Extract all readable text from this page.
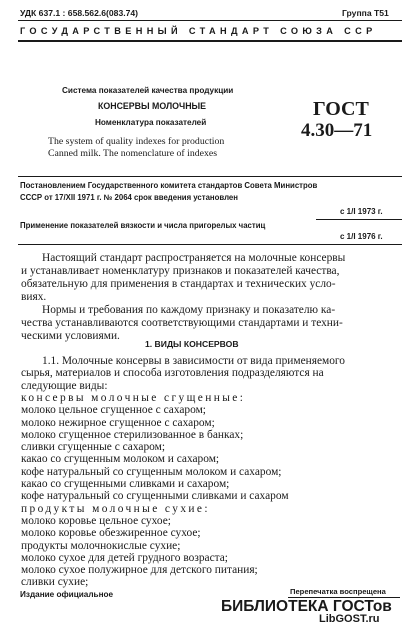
УДК 637.1 : 658.562.6(083.74)	Группа Т51
ГОСУДАРСТВЕННЫЙ СТАНДАРТ СОЮЗА ССР
Система показателей качества продукции
КОНСЕРВЫ МОЛОЧНЫЕ
Номенклатура показателей
The system of quality indexes for production
Canned milk. The nomenclature of indexes
ГОСТ
4.30—71
Постановлением Государственного комитета стандартов Совета Министров
СССР от 17/XII 1971 г. № 2064 срок введения установлен
с 1/I 1973 г.
Применение показателей вязкости и числа пригорелых частиц
с 1/I 1976 г.
Настоящий стандарт распространяется на молочные консервы
и устанавливает номенклатуру признаков и показателей качества,
обязательную для применения в стандартах и технических усло-
виях.
Нормы и требования по каждому признаку и показателю ка-
чества устанавливаются соответствующими стандартами и техни-
ческими условиями.
1. ВИДЫ КОНСЕРВОВ
1.1. Молочные консервы в зависимости от вида применяемого
сырья, материалов и способа изготовления подразделяются на
следующие виды:
консервы молочные сгущенные:
молоко цельное сгущенное с сахаром;
молоко нежирное сгущенное с сахаром;
молоко сгущенное стерилизованное в банках;
сливки сгущенные с сахаром;
какао со сгущенным молоком и сахаром;
кофе натуральный со сгущенным молоком и сахаром;
какао со сгущенными сливками и сахаром;
кофе натуральный со сгущенными сливками и сахаром
продукты молочные сухие:
молоко коровье цельное сухое;
молоко коровье обезжиренное сухое;
продукты молочнокислые сухие;
молоко сухое для детей грудного возраста;
молоко сухое полужирное для детского питания;
сливки сухие;
Издание официальное	Перепечатка воспрещена
БИБЛИОТЕКА ГОСТов
LibGOST.ru
